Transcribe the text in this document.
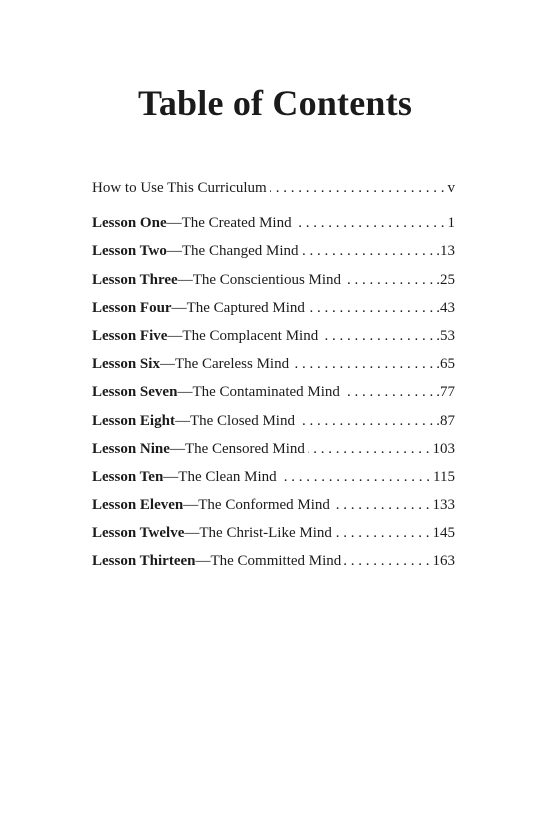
Table of Contents
How to Use This Curriculum . . .	v
Lesson One—The Created Mind . . .	1
Lesson Two—The Changed Mind . . .	.13
Lesson Three—The Conscientious Mind . . .	.25
Lesson Four—The Captured Mind . . .	.43
Lesson Five—The Complacent Mind . . .	.53
Lesson Six—The Careless Mind . . .	.65
Lesson Seven—The Contaminated Mind . . .	.77
Lesson Eight—The Closed Mind . . .	.87
Lesson Nine—The Censored Mind . . .	103
Lesson Ten—The Clean Mind . . .	115
Lesson Eleven—The Conformed Mind . . .	133
Lesson Twelve—The Christ-Like Mind . . .	145
Lesson Thirteen—The Committed Mind . . .	163
